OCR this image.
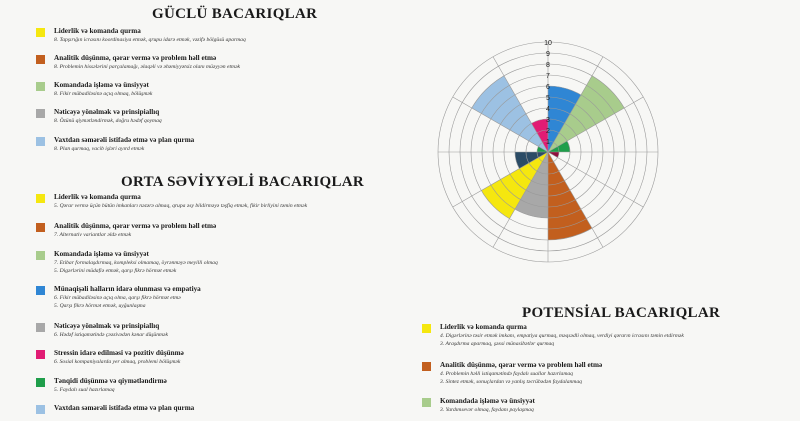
GÜCLÜ BACARIQLAR
Liderlik və komanda qurma
8. Tapşırığın icrasını koordinasiya etmək, qrupu idarə etmək, vəzifə bölgüsü aparmaq
Analitik düşünmə, qərar vermə və problem həll etmə
8. Problemin hissələrini parçalamağı, əlaqəli və əhəmiyyətsiz olanı müəyyən etmək
Komandada işləmə və ünsiyyət
8. Fikir mübadiləsinə açıq olmaq, bölüşmək
Nəticəyə yönəlmək və prinsipiallıq
8. Özünü qiymətləndirmək, doğru hədəf qoymaq
Vaxtdan səmərəli istifadə etmə və plan qurma
8. Plan qurmaq, vacib işləri ayırd etmək
ORTA SƏVİYYƏLİ BACARIQLAR
Liderlik və komanda qurma
5. Qərar vermə üçün bütün imkanları nəzərə almaq, qrupa əsy bildirməyə təşfiq etmək, fikir birliyini təmin etmək
Analitik düşünmə, qərar vermə və problem həll etmə
7. Alternativ variantlar əldə etmək
Komandada işləmə və ünsiyyət
7. Etibar formalaşdırmaq, kompleksi olmamaq, öyrənməyə meyilli olmaq
5. Digərlərini müdafiə etmək, qarşı fikrə hörmət etmək
Münaqişəli halların idarə olunması və empatiya
6. Fikir mübadiləsinə açıq olma, qarşı fikrə hörmət etmə
5. Qarşı fikrə hörmət etmək, uyğunlaşma
Nəticəyə yönəlmək və prinsipiallıq
6. Hədəf istiqamətində çəəzivədən kənar düşünmək
Stressin idarə edilməsi və pozitiv düşünmə
6. Sosial kompaniyalarda yer almaq, problemi bölüşmək
Tənqidi düşünmə və qiymətləndirmə
5. Faydalı sual hazırlamaq
Vaxtdan səmərəli istifadə etmə və plan qurma
POTENSİAL BACARIQLAR
Liderlik və komanda qurma
4. Digərlərinə təsir etmək imkanı, empatiya qurmaq, məqsədli olmaq, verdiyi qərarın icrasını təmin etdirmək
3. Araşdırma aparmaq, şəxsi münasibətlər qurmaq
Analitik düşünmə, qərar vermə və problem həll etmə
4. Problemin həlli istiqamətində faydalı suallar hazırlamaq
3. Sintez etmək, sonuçlardan və yanlış təcrübədən faydalanmaq
Komandada işləmə və ünsiyyət
3. Yardımsevər olmaq, faydanı paylaşmaq
1
2
3
4
5
6
7
8
9
10
